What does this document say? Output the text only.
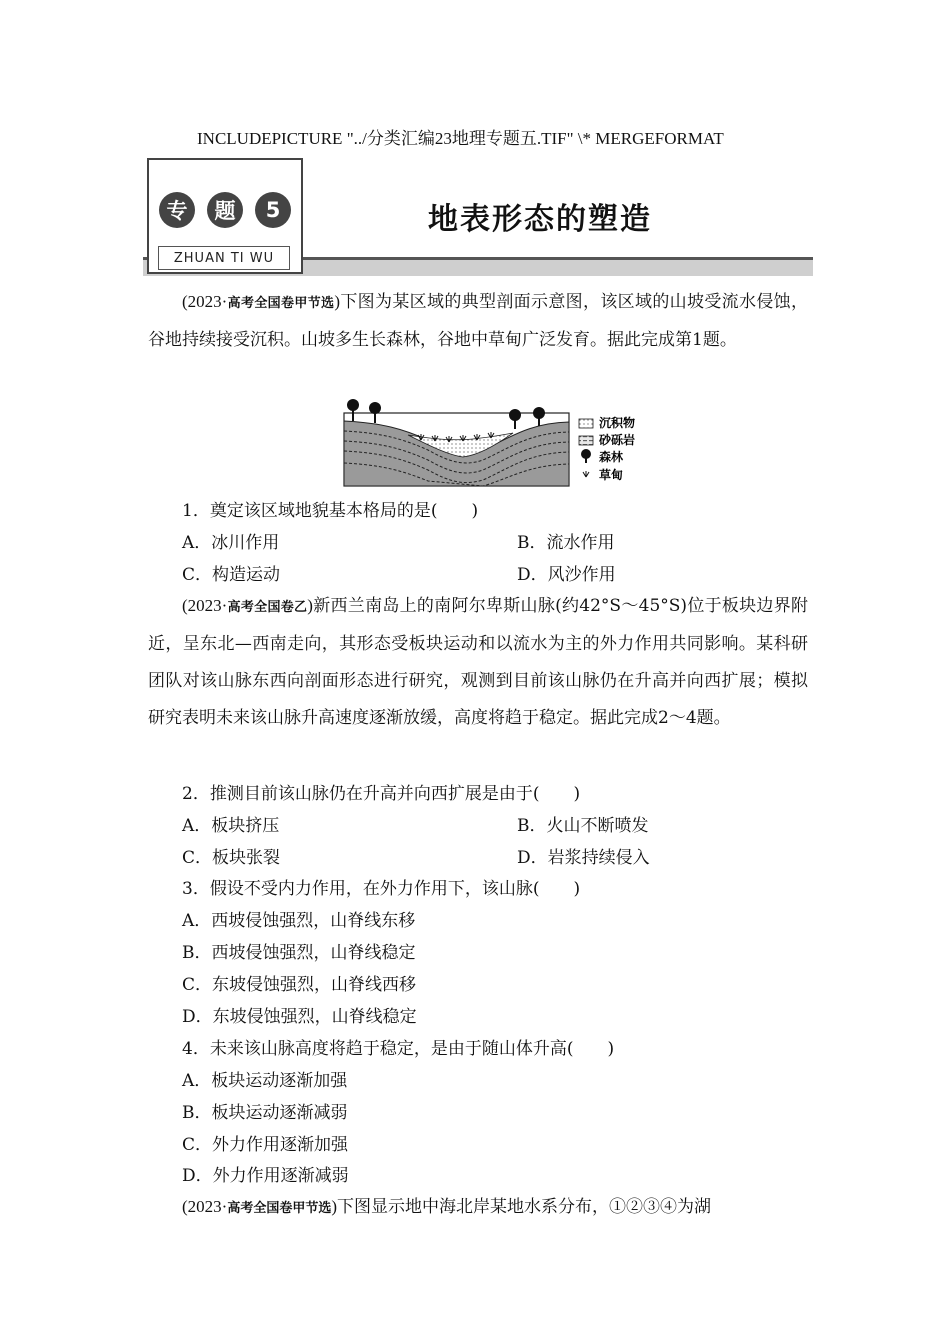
INCLUDEPICTURE "../分类汇编23地理专题五.TIF" \* MERGEFORMAT
专	题	5
ZHUAN TI WU
地表形态的塑造
(2023·高考全国卷甲节选)下图为某区域的典型剖面示意图，该区域的山坡受流水侵蚀，谷地持续接受沉积。山坡多生长森林，谷地中草甸广泛发育。据此完成第1题。
沉积物
砂砾岩
森林
草甸
1．奠定该区域地貌基本格局的是(　　)
A．冰川作用	B．流水作用
C．构造运动	D．风沙作用
(2023·高考全国卷乙)新西兰南岛上的南阿尔卑斯山脉(约42°S～45°S)位于板块边界附近，呈东北—西南走向，其形态受板块运动和以流水为主的外力作用共同影响。某科研团队对该山脉东西向剖面形态进行研究，观测到目前该山脉仍在升高并向西扩展；模拟研究表明未来该山脉升高速度逐渐放缓，高度将趋于稳定。据此完成2～4题。
2．推测目前该山脉仍在升高并向西扩展是由于(　　)
A．板块挤压	B．火山不断喷发
C．板块张裂	D．岩浆持续侵入
3．假设不受内力作用，在外力作用下，该山脉(　　)
A．西坡侵蚀强烈，山脊线东移
B．西坡侵蚀强烈，山脊线稳定
C．东坡侵蚀强烈，山脊线西移
D．东坡侵蚀强烈，山脊线稳定
4．未来该山脉高度将趋于稳定，是由于随山体升高(　　)
A．板块运动逐渐加强
B．板块运动逐渐减弱
C．外力作用逐渐加强
D．外力作用逐渐减弱
(2023·高考全国卷甲节选)下图显示地中海北岸某地水系分布，①②③④为湖
